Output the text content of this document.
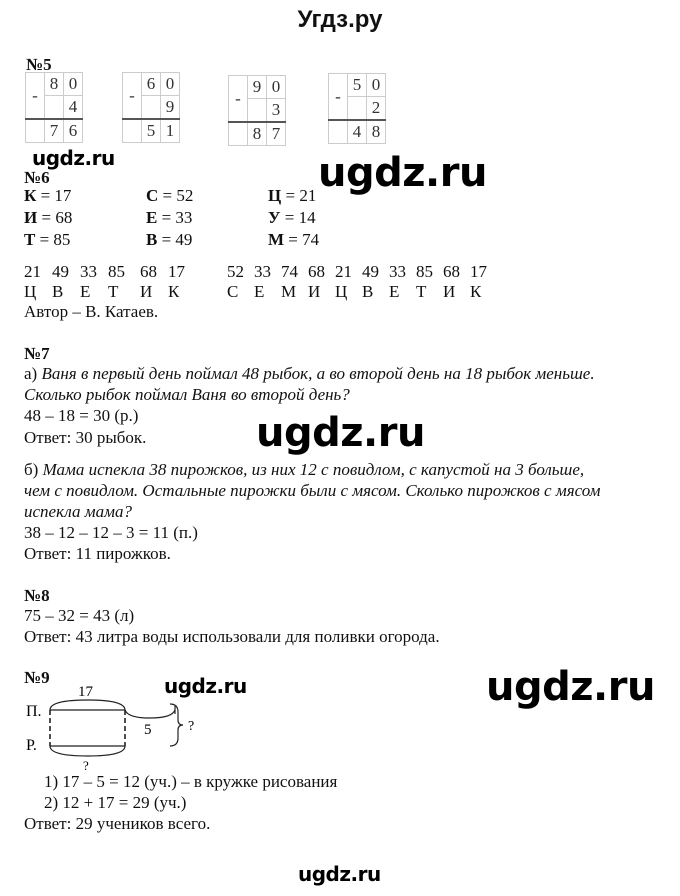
Угдз.ру
№5
-	8	0
		4
	7	6
-	6	0
		9
	5	1
-	9	0
		3
	8	7
-	5	0
		2
	4	8
ugdz.ru
№6
К = 17	С = 52	Ц = 21
И = 68	Е = 33	У = 14
Т = 85	В = 49	М = 74
ugdz.ru
21 49 33 85 68 17
Ц В Е Т И К
52 33 74 68 21 49 33 85 68 17
С Е М И Ц В Е Т И К
Автор – В. Катаев.
№7
а) Ваня в первый день поймал 48 рыбок, а во второй день на 18 рыбок меньше.
Сколько рыбок поймал Ваня во второй день?
48 – 18 = 30 (р.)
Ответ: 30 рыбок.	ugdz.ru
б) Мама испекла 38 пирожков, из них 12 с повидлом, с капустой на 3 больше,
чем с повидлом. Остальные пирожки были с мясом. Сколько пирожков с мясом
испекла мама?
38 – 12 – 12 – 3 = 11 (п.)
Ответ: 11 пирожков.
№8
75 – 32 = 43 (л)
Ответ: 43 литра воды использовали для поливки огорода.
№9	ugdz.ru	ugdz.ru
П.
Р.
17
5
?
?
1) 17 – 5 = 12 (уч.) – в кружке рисования
2) 12 + 17 = 29 (уч.)
Ответ: 29 учеников всего.
ugdz.ru
